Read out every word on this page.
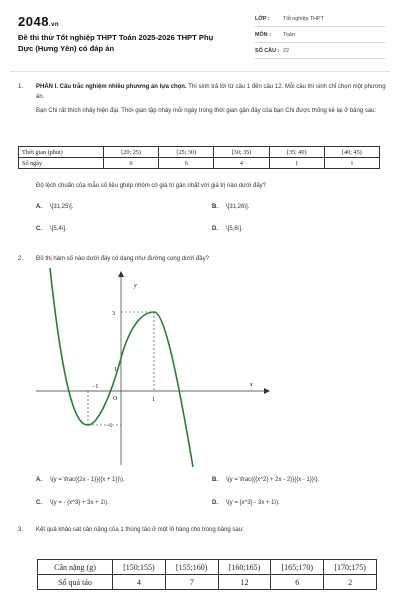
2048.vn
Đề thi thử Tốt nghiệp THPT Toán 2025-2026 THPT Phụ Dực (Hưng Yên) có đáp án
LỚP : Tốt nghiệp THPT
MÔN : Toán
SỐ CÂU : 22
1. PHẦN I. Câu trắc nghiệm nhiều phương án lựa chọn. Thí sinh trả lời từ câu 1 đến câu 12. Mỗi câu thí sinh chỉ chọn một phương án.

Bạn Chi rất thích nhảy hiện đại. Thời gian tập nhảy mỗi ngày trong thời gian gần đây của bạn Chi được thống kê lại ở bảng sau:

Thời gian (phút)	[20; 25)	[25; 30)	[30; 35)	[35; 40)	[40; 45)
Số ngày	6	6	4	1	1
Độ lệch chuẩn của mẫu số liệu ghép nhóm có giá trị gần nhất với giá trị nào dưới đây?
A. \[31,25\].	B. \[31,26\].
C. \[5,4\].	D. \[5,6\].
2. Đồ thị hàm số nào dưới đây có dạng như đường cong dưới đây?
y
x
O
3
1
−1
−1
1
A. \(y = \frac{{2x - 1}}{{x + 1}}\).	B. \(y = \frac{{{x^2} + 2x - 2}}{{x - 1}}\).
C. \(y = - {x^3} + 3x + 1\).	D. \(y = {x^3} - 3x + 1\).
3. Kết quả khảo sát cân nặng của 1 thùng táo ở một lô hàng cho trong bảng sau:
Cân nặng (g)	[150;155)	[155;160)	[160;165)	[165;170)	[170;175)
Số quả táo	4	7	12	6	2
